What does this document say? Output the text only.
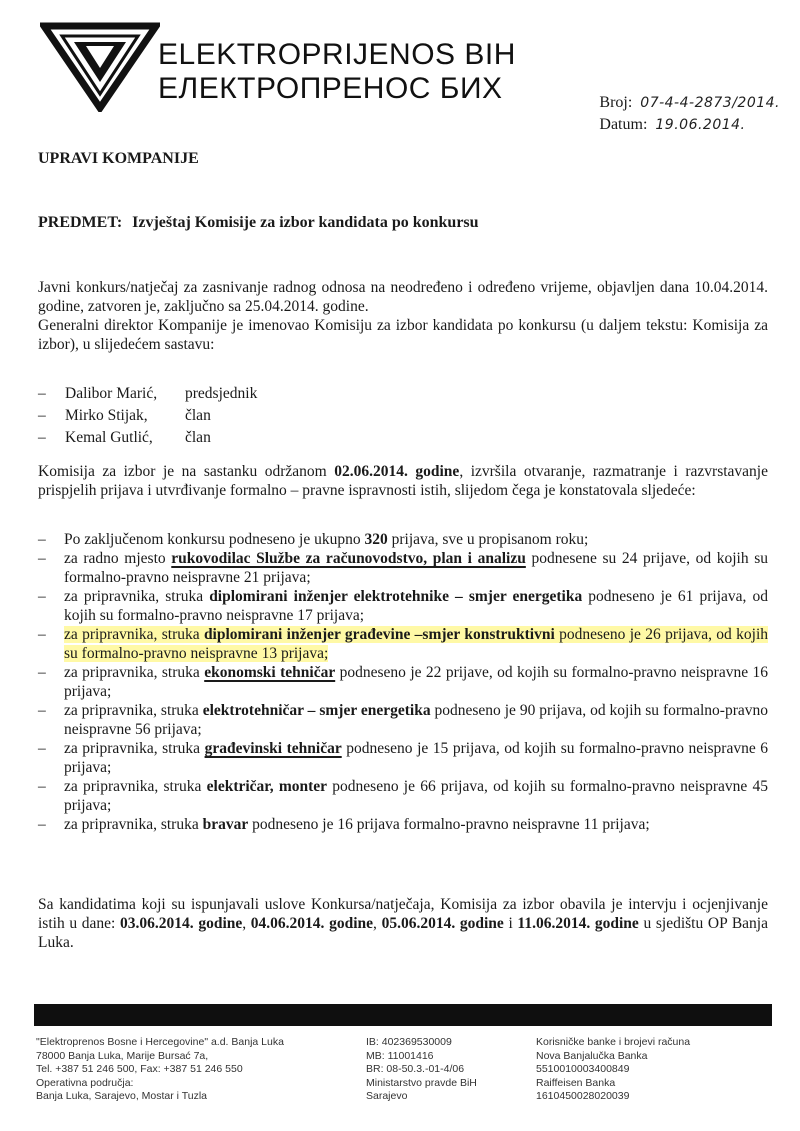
ELEKTROPRIJENOS BIH
ЕЛЕКТРОПРЕНОС БИХ	Broj: 07-4-4-2873/2014.
Datum: 19.06.2014.
UPRAVI KOMPANIJE
PREDMET: Izvještaj Komisije za izbor kandidata po konkursu
Javni konkurs/natječaj za zasnivanje radnog odnosa na neodređeno i određeno vrijeme, objavljen dana 10.04.2014. godine, zatvoren je, zaključno sa 25.04.2014. godine.
Generalni direktor Kompanije je imenovao Komisiju za izbor kandidata po konkursu (u daljem tekstu: Komisija za izbor), u slijedećem sastavu:
–	Dalibor Marić,	predsjednik
–	Mirko Stijak,	član
–	Kemal Gutlić,	član
Komisija za izbor je na sastanku održanom 02.06.2014. godine, izvršila otvaranje, razmatranje i razvrstavanje prispjelih prijava i utvrđivanje formalno – pravne ispravnosti istih, slijedom čega je konstatovala sljedeće:
– Po zaključenom konkursu podneseno je ukupno 320 prijava, sve u propisanom roku;
– za radno mjesto rukovodilac Službe za računovodstvo, plan i analizu podnesene su 24 prijave, od kojih su formalno-pravno neispravne 21 prijava;
– za pripravnika, struka diplomirani inženjer elektrotehnike – smjer energetika podneseno je 61 prijava, od kojih su formalno-pravno neispravne 17 prijava;
– za pripravnika, struka diplomirani inženjer građevine –smjer konstruktivni podneseno je 26 prijava, od kojih su formalno-pravno neispravne 13 prijava;
– za pripravnika, struka ekonomski tehničar podneseno je 22 prijave, od kojih su formalno-pravno neispravne 16 prijava;
– za pripravnika, struka elektrotehničar – smjer energetika podneseno je 90 prijava, od kojih su formalno-pravno neispravne 56 prijava;
– za pripravnika, struka građevinski tehničar podneseno je 15 prijava, od kojih su formalno-pravno neispravne 6 prijava;
– za pripravnika, struka električar, monter podneseno je 66 prijava, od kojih su formalno-pravno neispravne 45 prijava;
– za pripravnika, struka bravar podneseno je 16 prijava formalno-pravno neispravne 11 prijava;
Sa kandidatima koji su ispunjavali uslove Konkursa/natječaja, Komisija za izbor obavila je intervju i ocjenjivanje istih u dane: 03.06.2014. godine, 04.06.2014. godine, 05.06.2014. godine i 11.06.2014. godine u sjedištu OP Banja Luka.
"Elektroprenos Bosne i Hercegovine" a.d. Banja Luka
78000 Banja Luka, Marije Bursać 7a,
Tel. +387 51 246 500, Fax: +387 51 246 550
Operativna područja:
Banja Luka, Sarajevo, Mostar i Tuzla
IB: 402369530009
MB: 11001416
BR: 08-50.3.-01-4/06
Ministarstvo pravde BiH
Sarajevo
Korisničke banke i brojevi računa
Nova Banjalučka Banka
5510010003400849
Raiffeisen Banka
1610450028020039
